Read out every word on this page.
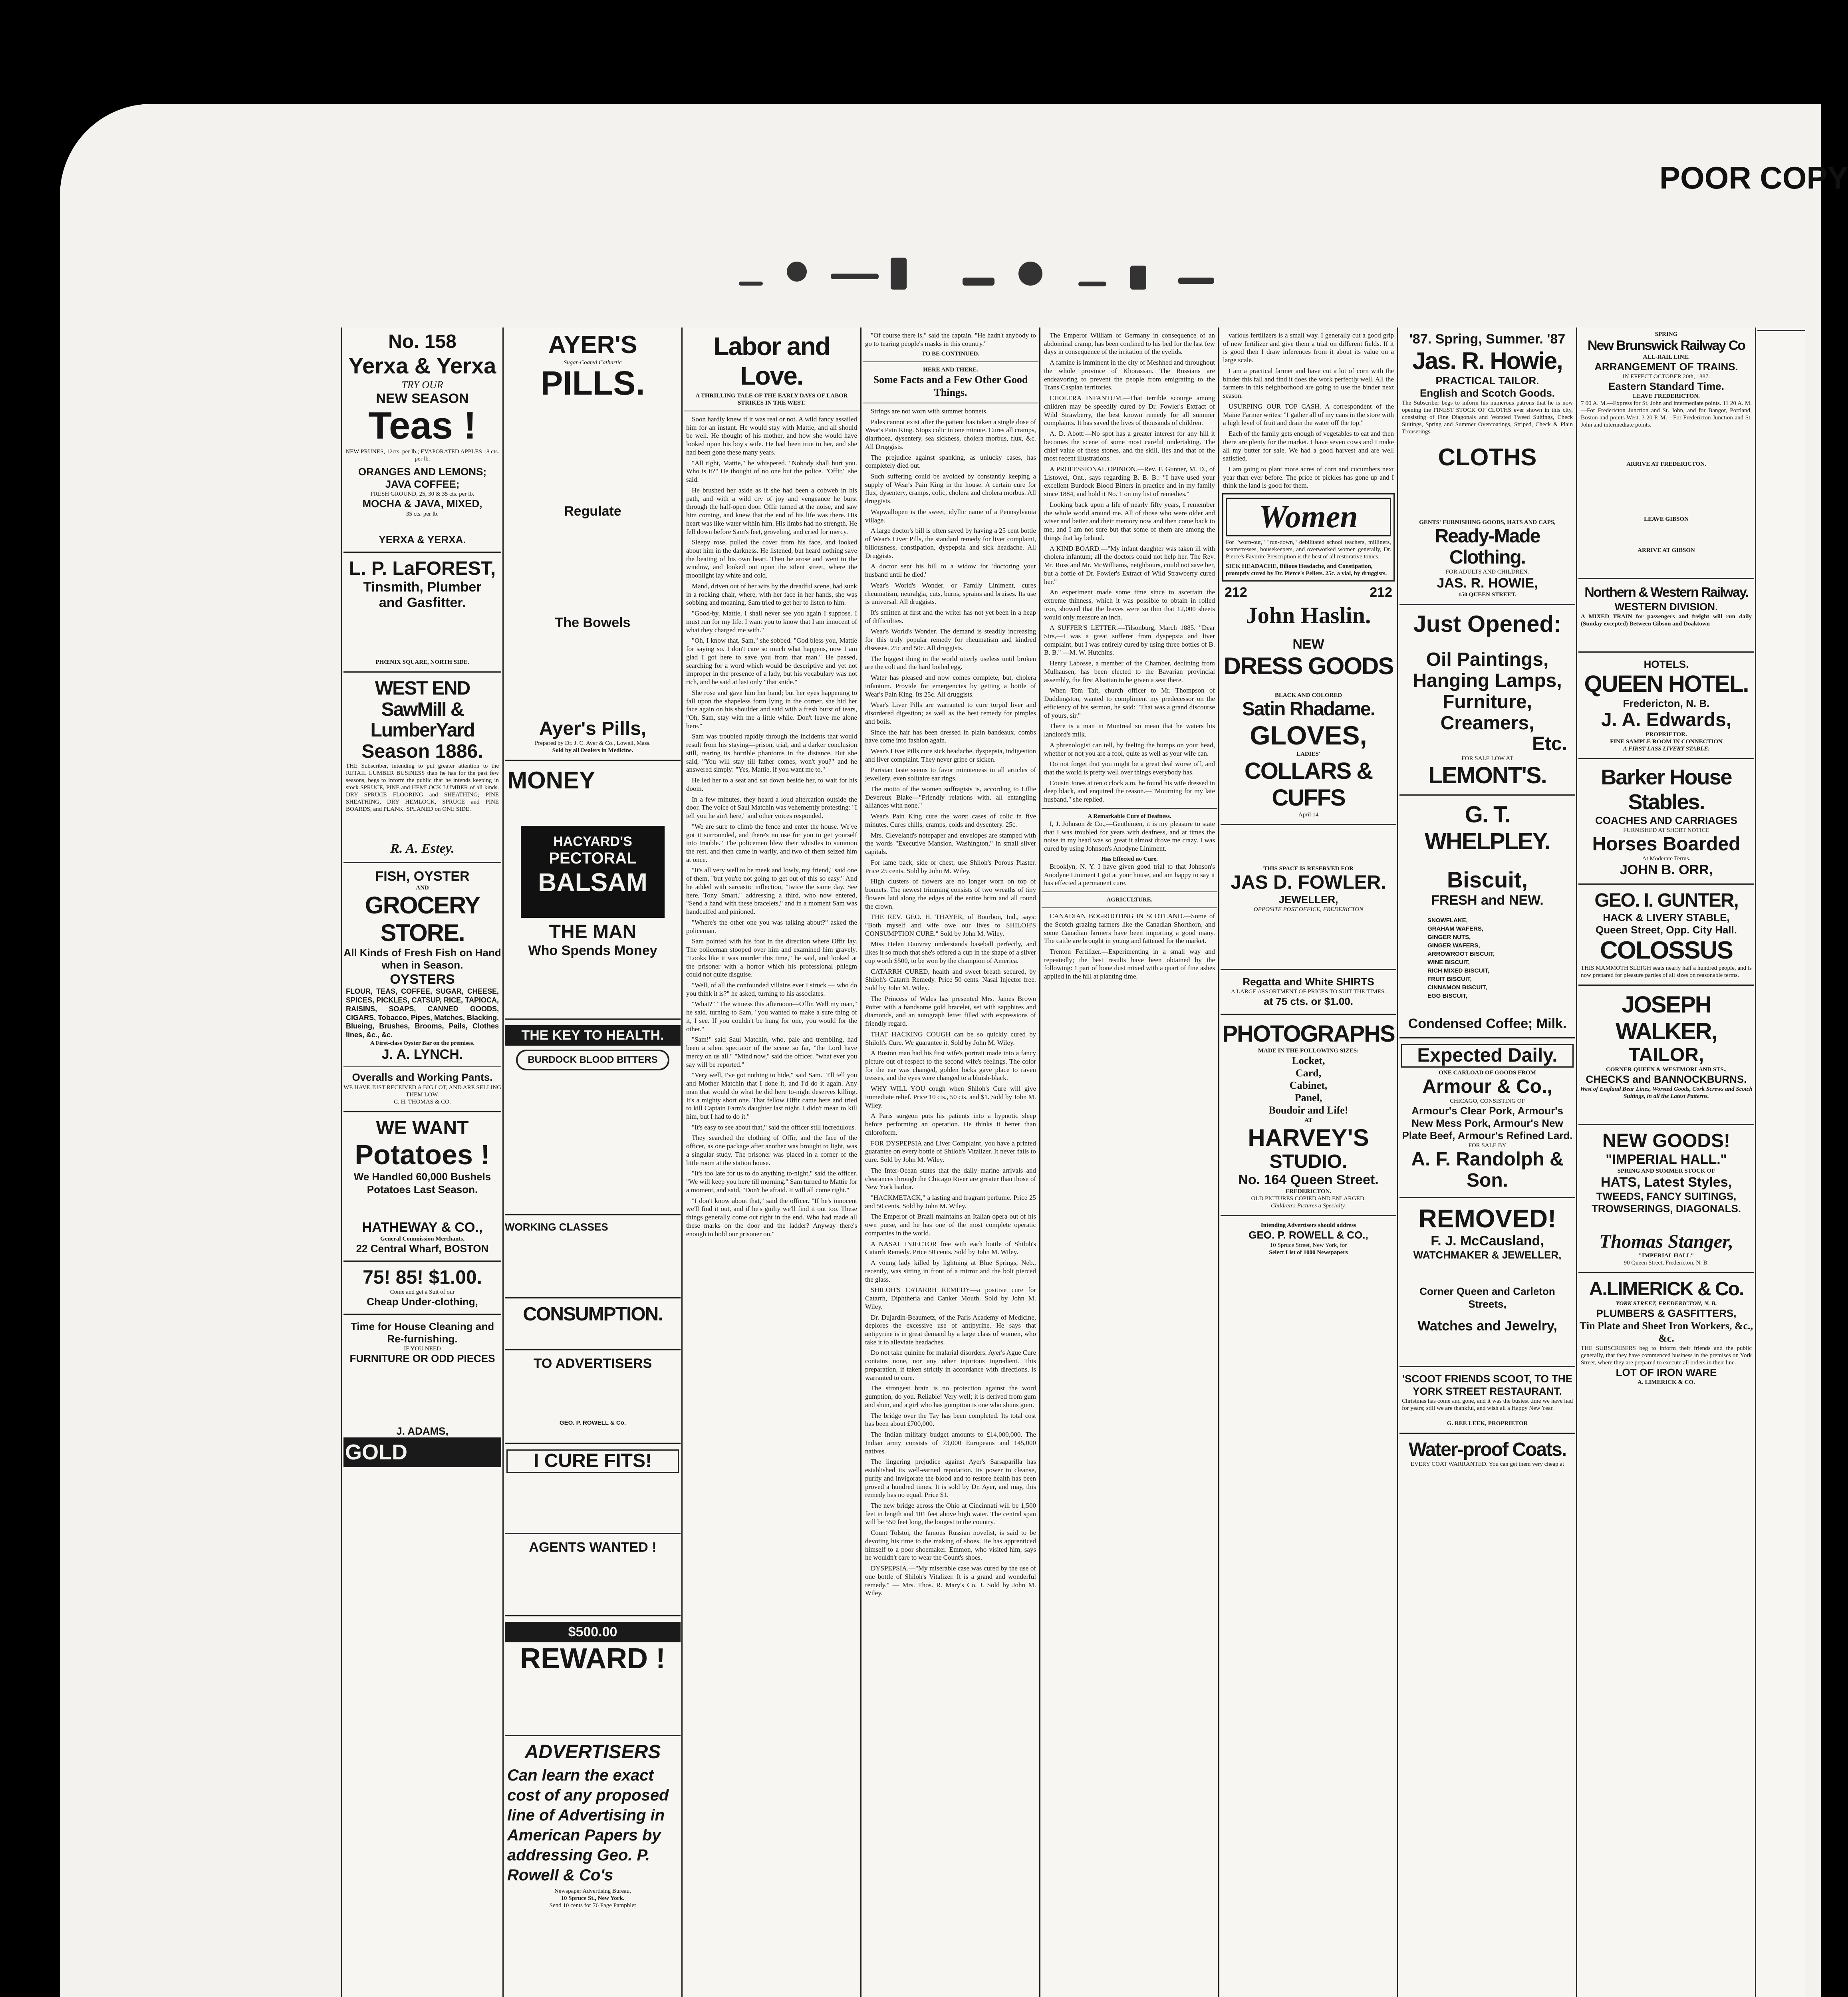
POOR COPY
No. 158
Yerxa & Yerxa
TRY OUR
NEW SEASON
Teas !
NEW PRUNES, 12cts. per lb.; EVAPORATED APPLES 18 cts. per lb.
ORANGES AND LEMONS;
JAVA COFFEE;
FRESH GROUND, 25, 30 & 35 cts. per lb.
MOCHA & JAVA, MIXED,
35 cts. per lb.
YERXA & YERXA.
L. P. LaFOREST,
Tinsmith, Plumber
and Gasfitter.
PHŒNIX SQUARE, NORTH SIDE.
WEST END
SawMill & LumberYard
Season 1886.
THE Subscriber, intending to put greater attention to the RETAIL LUMBER BUSINESS than he has for the past few seasons, begs to inform the public that he intends keeping in stock SPRUCE, PINE and HEMLOCK LUMBER of all kinds. DRY SPRUCE FLOORING and SHEATHING; PINE SHEATHING, DRY HEMLOCK, SPRUCE and PINE BOARDS, and PLANK. SPLANED on ONE SIDE.
R. A. Estey.
FISH, OYSTER
AND
GROCERY STORE.
All Kinds of Fresh Fish on Hand when in Season.
OYSTERS
FLOUR, TEAS, COFFEE, SUGAR, CHEESE, SPICES, PICKLES, CATSUP, RICE, TAPIOCA, RAISINS, SOAPS, CANNED GOODS, CIGARS, Tobacco, Pipes, Matches, Blacking, Blueing, Brushes, Brooms, Pails, Clothes lines, &c., &c.
A First-class Oyster Bar on the premises.
J. A. LYNCH.
Overalls and Working Pants.
WE HAVE JUST RECEIVED A BIG LOT, AND ARE SELLING THEM LOW.
C. H. THOMAS & CO.
WE WANT
Potatoes !
We Handled 60,000 Bushels Potatoes Last Season.
HATHEWAY & CO.,
General Commission Merchants,
22 Central Wharf, BOSTON
75! 85! $1.00.
Come and get a Suit of our
Cheap Under-clothing,
Time for House Cleaning and Re-furnishing.
IF YOU NEED
FURNITURE OR ODD PIECES
J. ADAMS,
GOLD
AYER'S
Sugar-Coated Cathartic
PILLS.
Regulate
The Bowels
Ayer's Pills,
Prepared by Dr. J. C. Ayer & Co., Lowell, Mass.
Sold by all Dealers in Medicine.
MONEY
HACYARD'S
PECTORAL
BALSAM
THE MAN
Who Spends Money
THE KEY TO HEALTH.
BURDOCK BLOOD BITTERS
WORKING CLASSES
CONSUMPTION.
TO ADVERTISERS
GEO. P. ROWELL & Co.
I CURE FITS!
AGENTS WANTED !
$500.00
REWARD !
ADVERTISERS
Can learn the exact cost of any proposed line of Advertising in American Papers by addressing Geo. P. Rowell & Co's
Newspaper Advertising Bureau,
10 Spruce St., New York.
Send 10 cents for 76 Page Pamphlet
Labor and Love.
A THRILLING TALE OF THE EARLY DAYS OF LABOR STRIKES IN THE WEST.

Soon hardly knew if it was real or not. A wild fancy assailed him for an instant. He would stay with Mattie, and all should be well. He thought of his mother, and how she would have looked upon his boy's wife. He had been true to her, and she had been gone these many years.

"All right, Mattie," he whispered. "Nobody shall hurt you. Who is it?" He thought of no one but the police. "Offir," she said.

He brushed her aside as if she had been a cobweb in his path, and with a wild cry of joy and vengeance he burst through the half-open door. Offir turned at the noise, and saw him coming, and knew that the end of his life was there. His heart was like water within him. His limbs had no strength. He fell down before Sam's feet, groveling, and cried for mercy.

Sleepy rose, pulled the cover from his face, and looked about him in the darkness. He listened, but heard nothing save the beating of his own heart. Then he arose and went to the window, and looked out upon the silent street, where the moonlight lay white and cold.

Mand, driven out of her wits by the dreadful scene, had sunk in a rocking chair, where, with her face in her hands, she was sobbing and moaning. Sam tried to get her to listen to him.

"Good-by, Mattie, I shall never see you again I suppose. I must run for my life. I want you to know that I am innocent of what they charged me with."

"Oh, I know that, Sam," she sobbed. "God bless you, Mattie for saying so. I don't care so much what happens, now I am glad I got here to save you from that man." He passed, searching for a word which would be descriptive and yet not improper in the presence of a lady, but his vocabulary was not rich, and he said at last only "that snide."

She rose and gave him her hand; but her eyes happening to fall upon the shapeless form lying in the corner, she hid her face again on his shoulder and said with a fresh burst of tears, "Oh, Sam, stay with me a little while. Don't leave me alone here."

Sam was troubled rapidly through the incidents that would result from his staying—prison, trial, and a darker conclusion still, rearing its horrible phantoms in the distance. But she said, "You will stay till father comes, won't you?" and he answered simply: "Yes, Mattie, if you want me to."

He led her to a seat and sat down beside her, to wait for his doom.

In a few minutes, they heard a loud altercation outside the door. The voice of Saul Matchin was vehemently protesting: "I tell you he ain't here," and other voices responded.

"We are sure to climb the fence and enter the house. We've got it surrounded, and there's no use for you to get yourself into trouble." The policemen blew their whistles to summon the rest, and then came in warily, and two of them seized him at once.

"It's all very well to be meek and lowly, my friend," said one of them, "but you're not going to get out of this so easy." And he added with sarcastic inflection, "twice the same day. See here, Tony Smart," addressing a third, who now entered, "Send a hand with these bracelets," and in a moment Sam was handcuffed and pinioned.

"Where's the other one you was talking about?" asked the policeman.

Sam pointed with his foot in the direction where Offir lay. The policeman stooped over him and examined him gravely. "Looks like it was murder this time," he said, and looked at the prisoner with a horror which his professional phlegm could not quite disguise.

"Well, of all the confounded villains ever I struck — who do you think it is?" he asked, turning to his associates.

"What?" "The witness this afternoon—Offir. Well my man," he said, turning to Sam, "you wanted to make a sure thing of it, I see. If you couldn't be hung for one, you would for the other."

"Sam!" said Saul Matchin, who, pale and trembling, had been a silent spectator of the scene so far, "the Lord have mercy on us all." "Mind now," said the officer, "what ever you say will be reported."

"Very well, I've got nothing to hide," said Sam. "I'll tell you and Mother Matchin that I done it, and I'd do it again. Any man that would do what he did here to-night deserves killing. It's a mighty short one. That fellow Offir came here and tried to kill Captain Farm's daughter last night. I didn't mean to kill him, but I had to do it."

"It's easy to see about that," said the officer still incredulous.

They searched the clothing of Offir, and the face of the officer, as one package after another was brought to light, was a singular study. The prisoner was placed in a corner of the little room at the station house.

"It's too late for us to do anything to-night," said the officer. "We will keep you here till morning." Sam turned to Mattie for a moment, and said, "Don't be afraid. It will all come right."

"I don't know about that," said the officer. "If he's innocent we'll find it out, and if he's guilty we'll find it out too. These things generally come out right in the end. Who had made all these marks on the door and the ladder? Anyway there's enough to hold our prisoner on."

"Of course there is," said the captain. "He hadn't anybody to go to tearing people's masks in this country."

TO BE CONTINUED.
HERE AND THERE.
Some Facts and a Few Other Good Things.

Strings are not worn with summer bonnets.

Pales cannot exist after the patient has taken a single dose of Wear's Pain King. Stops colic in one minute. Cures all cramps, diarrhoea, dysentery, sea sickness, cholera morbus, flux, &c. All Druggists.

The prejudice against spanking, as unlucky cases, has completely died out.

Such suffering could be avoided by constantly keeping a supply of Wear's Pain King in the house. A certain cure for flux, dysentery, cramps, colic, cholera and cholera morbus. All druggists.

Wapwallopen is the sweet, idyllic name of a Pennsylvania village.

A large doctor's bill is often saved by having a 25 cent bottle of Wear's Liver Pills, the standard remedy for liver complaint, biliousness, constipation, dyspepsia and sick headache. All Druggists.

A doctor sent his bill to a widow for 'doctoring your husband until he died.'

Wear's World's Wonder, or Family Liniment, cures rheumatism, neuralgia, cuts, burns, sprains and bruises. Its use is universal. All druggists.

It's smitten at first and the writer has not yet been in a heap of difficulties.

Wear's World's Wonder. The demand is steadily increasing for this truly popular remedy for rheumatism and kindred diseases. 25c and 50c. All druggists.

The biggest thing in the world utterly useless until broken are the colt and the hard boiled egg.

Water has pleased and now comes complete, but, cholera infantum. Provide for emergencies by getting a bottle of Wear's Pain King. Its 25c. All druggists.

Wear's Liver Pills are warranted to cure torpid liver and disordered digestion; as well as the best remedy for pimples and boils.

Since the hair has been dressed in plain bandeaux, combs have come into fashion again.

Wear's Liver Pills cure sick headache, dyspepsia, indigestion and liver complaint. They never gripe or sicken.

Parisian taste seems to favor minuteness in all articles of jewellery, even solitaire ear rings.

The motto of the women suffragists is, according to Lillie Devereux Blake—"Friendly relations with, all entangling alliances with none."

Wear's Pain King cure the worst cases of colic in five minutes. Cures chills, cramps, colds and dysentery. 25c.

Mrs. Cleveland's notepaper and envelopes are stamped with the words "Executive Mansion, Washington," in small silver capitals.

For lame back, side or chest, use Shiloh's Porous Plaster. Price 25 cents. Sold by John M. Wiley.

High clusters of flowers are no longer worn on top of bonnets. The newest trimming consists of two wreaths of tiny flowers laid along the edges of the entire brim and all round the crown.

THE REV. GEO. H. THAYER, of Bourbon, Ind., says: "Both myself and wife owe our lives to SHILOH'S CONSUMPTION CURE." Sold by John M. Wiley.

Miss Helen Dauvray understands baseball perfectly, and likes it so much that she's offered a cup in the shape of a silver cup worth $500, to be won by the champion of America.

CATARRH CURED, health and sweet breath secured, by Shiloh's Catarrh Remedy. Price 50 cents. Nasal Injector free. Sold by John M. Wiley.

The Princess of Wales has presented Mrs. James Brown Potter with a handsome gold bracelet, set with sapphires and diamonds, and an autograph letter filled with expressions of friendly regard.

THAT HACKING COUGH can be so quickly cured by Shiloh's Cure. We guarantee it. Sold by John M. Wiley.

A Boston man had his first wife's portrait made into a fancy picture out of respect to the second wife's feelings. The color for the ear was changed, golden locks gave place to raven tresses, and the eyes were changed to a bluish-black.

WHY WILL YOU cough when Shiloh's Cure will give immediate relief. Price 10 cts., 50 cts. and $1. Sold by John M. Wiley.

A Paris surgeon puts his patients into a hypnotic sleep before performing an operation. He thinks it better than chloroform.

FOR DYSPEPSIA and Liver Complaint, you have a printed guarantee on every bottle of Shiloh's Vitalizer. It never fails to cure. Sold by John M. Wiley.

The Inter-Ocean states that the daily marine arrivals and clearances through the Chicago River are greater than those of New York harbor.

"HACKMETACK," a lasting and fragrant perfume. Price 25 and 50 cents. Sold by John M. Wiley.

The Emperor of Brazil maintains an Italian opera out of his own purse, and he has one of the most complete operatic companies in the world.

A NASAL INJECTOR free with each bottle of Shiloh's Catarrh Remedy. Price 50 cents. Sold by John M. Wiley.

A young lady killed by lightning at Blue Springs, Neb., recently, was sitting in front of a mirror and the bolt pierced the glass.

SHILOH'S CATARRH REMEDY—a positive cure for Catarrh, Diphtheria and Canker Mouth. Sold by John M. Wiley.

Dr. Dujardin-Beaumetz, of the Paris Academy of Medicine, deplores the excessive use of antipyrine. He says that antipyrine is in great demand by a large class of women, who take it to alleviate headaches.

Do not take quinine for malarial disorders. Ayer's Ague Cure contains none, nor any other injurious ingredient. This preparation, if taken strictly in accordance with directions, is warranted to cure.

The strongest brain is no protection against the word gumption, do you. Reliable! Very well; it is derived from gum and shun, and a girl who has gumption is one who shuns gum.

The bridge over the Tay has been completed. Its total cost has been about £700,000.

The Indian military budget amounts to £14,000,000. The Indian army consists of 73,000 Europeans and 145,000 natives.

The lingering prejudice against Ayer's Sarsaparilla has established its well-earned reputation. Its power to cleanse, purify and invigorate the blood and to restore health has been proved a hundred times. It is sold by Dr. Ayer, and may, this remedy has no equal. Price $1.

The new bridge across the Ohio at Cincinnati will be 1,500 feet in length and 101 feet above high water. The central span will be 550 feet long, the longest in the country.

Count Tolstoi, the famous Russian novelist, is said to be devoting his time to the making of shoes. He has apprenticed himself to a poor shoemaker. Emmon, who visited him, says he wouldn't care to wear the Count's shoes.

DYSPEPSIA.—"My miserable case was cured by the use of one bottle of Shiloh's Vitalizer. It is a grand and wonderful remedy." — Mrs. Thos. R. Mary's Co. J. Sold by John M. Wiley.

The Emperor William of Germany in consequence of an abdominal cramp, has been confined to his bed for the last few days in consequence of the irritation of the eyelids.

A famine is imminent in the city of Meshhed and throughout the whole province of Khorassan. The Russians are endeavoring to prevent the people from emigrating to the Trans Caspian territories.

CHOLERA INFANTUM.—That terrible scourge among children may be speedily cured by Dr. Fowler's Extract of Wild Strawberry, the best known remedy for all summer complaints. It has saved the lives of thousands of children.

A. D. Abott:—No spot has a greater interest for any hill it becomes the scene of some most careful undertaking. The chief value of these stones, and the skill, lies and that of the most recent illustrations.

A PROFESSIONAL OPINION.—Rev. F. Gunner, M. D., of Listowel, Ont., says regarding B. B. B.: "I have used your excellent Burdock Blood Bitters in practice and in my family since 1884, and hold it No. 1 on my list of remedies."

Looking back upon a life of nearly fifty years, I remember the whole world around me. All of those who were older and wiser and better and their memory now and then come back to me, and I am not sure but that some of them are among the things that lay behind.

A KIND BOARD.—"My infant daughter was taken ill with cholera infantum; all the doctors could not help her. The Rev. Mr. Ross and Mr. McWilliams, neighbours, could not save her, but a bottle of Dr. Fowler's Extract of Wild Strawberry cured her."

An experiment made some time since to ascertain the extreme thinness, which it was possible to obtain in rolled iron, showed that the leaves were so thin that 12,000 sheets would only measure an inch.

A SUFFER'S LETTER.—Tilsonburg, March 1885. "Dear Sirs,—I was a great sufferer from dyspepsia and liver complaint, but I was entirely cured by using three bottles of B. B. B." —M. W. Hutchins.

Henry Labosse, a member of the Chamber, declining from Mulhausen, has been elected to the Bavarian provincial assembly, the first Alsatian to be given a seat there.

When Tom Tait, church officer to Mr. Thompson of Duddingston, wanted to compliment my predecessor on the efficiency of his sermon, he said: "That was a grand discourse of yours, sir."

There is a man in Montreal so mean that he waters his landlord's milk.

A phrenologist can tell, by feeling the bumps on your head, whether or not you are a fool, quite as well as your wife can.

Do not forget that you might be a great deal worse off, and that the world is pretty well over things everybody has.

Cousin Jones at ten o'clock a.m. he found his wife dressed in deep black, and enquired the reason.—"Mourning for my late husband," she replied.

A Remarkable Cure of Deafness.

I, J. Johnson & Co.,—Gentlemen, it is my pleasure to state that I was troubled for years with deafness, and at times the noise in my head was so great it almost drove me crazy. I was cured by using Johnson's Anodyne Liniment.

Has Effected no Cure.

Brooklyn, N. Y. I have given good trial to that Johnson's Anodyne Liniment I got at your house, and am happy to say it has effected a permanent cure.

AGRICULTURE.

CANADIAN BOGROOTING IN SCOTLAND.—Some of the Scotch grazing farmers like the Canadian Shorthorn, and some Canadian farmers have been importing a good many. The cattle are brought in young and fattened for the market.

Trenton Fertilizer.—Experimenting in a small way and repeatedly; the best results have been obtained by the following: 1 part of bone dust mixed with a quart of fine ashes applied in the hill at planting time.

various fertilizers is a small way. I generally cut a good grip of new fertilizer and give them a trial on different fields. If it is good then I draw inferences from it about its value on a large scale.

I am a practical farmer and have cut a lot of corn with the binder this fall and find it does the work perfectly well. All the farmers in this neighborhood are going to use the binder next season.

USURPING OUR TOP CASH. A correspondent of the Maine Farmer writes: "I gather all of my cans in the store with a high level of fruit and drain the water off the top."

Each of the family gets enough of vegetables to eat and then there are plenty for the market. I have seven cows and I make all my butter for sale. We had a good harvest and are well satisfied.

I am going to plant more acres of corn and cucumbers next year than ever before. The price of pickles has gone up and I think the land is good for them.

Women
For "worn-out," "run-down," debilitated school teachers, milliners, seamstresses, housekeepers, and overworked women generally, Dr. Pierce's Favorite Prescription is the best of all restorative tonics.
SICK HEADACHE, Bilious Headache, and Constipation, promptly cured by Dr. Pierce's Pellets. 25c. a vial, by druggists.
212	212
John Haslin.
NEW
DRESS GOODS
BLACK AND COLORED
Satin Rhadame.
GLOVES,
LADIES'
COLLARS & CUFFS
April 14
THIS SPACE IS RESERVED FOR
JAS D. FOWLER.
JEWELLER,
OPPOSITE POST OFFICE, FREDERICTON
Regatta and White SHIRTS
A LARGE ASSORTMENT OF PRICES TO SUIT THE TIMES.
at 75 cts. or $1.00.
PHOTOGRAPHS
MADE IN THE FOLLOWING SIZES:
Locket,
Card,
Cabinet,
Panel,
Boudoir and Life!
AT
HARVEY'S
STUDIO.
No. 164 Queen Street.
FREDERICTON.
OLD PICTURES COPIED AND ENLARGED.
Children's Pictures a Specialty.
Intending Advertisers should address
GEO. P. ROWELL & CO.,
10 Spruce Street, New York, for
Select List of 1000 Newspapers
'87. Spring, Summer. '87
Jas. R. Howie,
PRACTICAL TAILOR.
English and Scotch Goods.
The Subscriber begs to inform his numerous patrons that he is now opening the FINEST STOCK OF CLOTHS ever shown in this city, consisting of Fine Diagonals and Worsted Tweed Suitings, Check Suitings, Spring and Summer Overcoatings, Striped, Check & Plain Trouserings.
CLOTHS
GENTS' FURNISHING GOODS, HATS AND CAPS,
Ready-Made Clothing.
FOR ADULTS AND CHILDREN.
JAS. R. HOWIE,
150 QUEEN STREET.
Just Opened:
Oil Paintings,
Hanging Lamps,
Furniture,
Creamers,
Etc.
FOR SALE LOW AT
LEMONT'S.
G. T. WHELPLEY.
Biscuit,
FRESH and NEW.
SNOWFLAKE,
GRAHAM WAFERS,
GINGER NUTS,
GINGER WAFERS,
ARROWROOT BISCUIT,
WINE BISCUIT,
RICH MIXED BISCUIT,
FRUIT BISCUIT,
CINNAMON BISCUIT,
EGG BISCUIT,
Condensed Coffee; Milk.
Expected Daily.
ONE CARLOAD OF GOODS FROM
Armour & Co.,
CHICAGO, CONSISTING OF
Armour's Clear Pork, Armour's New Mess Pork, Armour's New Plate Beef, Armour's Refined Lard.
FOR SALE BY
A. F. Randolph & Son.
REMOVED!
F. J. McCausland,
WATCHMAKER & JEWELLER,
Corner Queen and Carleton Streets,
Watches and Jewelry,
'SCOOT FRIENDS SCOOT, TO THE YORK STREET RESTAURANT.
Christmas has come and gone, and it was the busiest time we have had for years; still we are thankful, and wish all a Happy New Year.
G. REE LEEK, PROPRIETOR
Water-proof Coats.
EVERY COAT WARRANTED. You can get them very cheap at
SPRING
New Brunswick Railway Co
ALL-RAIL LINE.
ARRANGEMENT OF TRAINS.
IN EFFECT OCTOBER 20th, 1887.
Eastern Standard Time.
LEAVE FREDERICTON.
7 00 A. M.—Express for St. John and intermediate points. 11 20 A. M.—For Fredericton Junction and St. John, and for Bangor, Portland, Boston and points West. 3 20 P. M.—For Fredericton Junction and St. John and intermediate points.
ARRIVE AT FREDERICTON.
LEAVE GIBSON
ARRIVE AT GIBSON
Northern & Western Railway.
WESTERN DIVISION.
A MIXED TRAIN for passengers and freight will run daily (Sunday excepted) Between Gibson and Doaktown
HOTELS.
QUEEN HOTEL.
Fredericton, N. B.
J. A. Edwards,
PROPRIETOR.
FINE SAMPLE ROOM IN CONNECTION
A FIRST-LASS LIVERY STABLE.
Barker House Stables.
COACHES AND CARRIAGES
FURNISHED AT SHORT NOTICE
Horses Boarded
At Moderate Terms.
JOHN B. ORR,
GEO. I. GUNTER,
HACK & LIVERY STABLE,
Queen Street, Opp. City Hall.
COLOSSUS
THIS MAMMOTH SLEIGH seats nearly half a hundred people, and is now prepared for pleasure parties of all sizes on reasonable terms.
JOSEPH WALKER,
TAILOR,
CORNER QUEEN & WESTMORLAND STS.,
CHECKS and BANNOCKBURNS.
West of England Bear Lines, Worsted Goods, Cork Screws and Scotch Suitings, in all the Latest Patterns.
NEW GOODS!
"IMPERIAL HALL."
SPRING AND SUMMER STOCK OF
HATS, Latest Styles,
TWEEDS, FANCY SUITINGS,
TROWSERINGS, DIAGONALS.
Thomas Stanger,
"IMPERIAL HALL"
90 Queen Street, Fredericton, N. B.
A.LIMERICK & Co.
YORK STREET, FREDERICTON, N. B.
PLUMBERS & GASFITTERS,
Tin Plate and Sheet Iron Workers, &c., &c.
THE SUBSCRIBERS beg to inform their friends and the public generally, that they have commenced business in the premises on York Street, where they are prepared to execute all orders in their line.
LOT OF IRON WARE
A. LIMERICK & CO.
